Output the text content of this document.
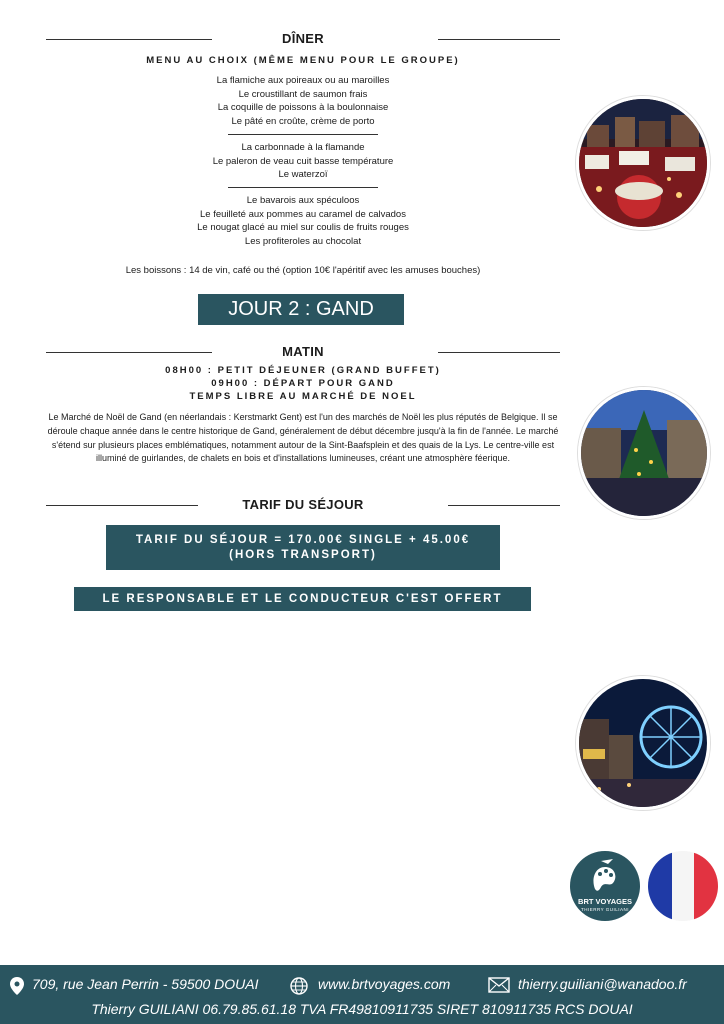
DÎNER
MENU AU CHOIX (MÊME MENU POUR LE GROUPE)
La flamiche aux poireaux ou au maroilles
Le croustillant de saumon frais
La coquille de poissons à la boulonnaise
Le pâté en croûte, crème de porto
La carbonnade à la flamande
Le paleron de veau cuit basse température
Le waterzoï
Le bavarois aux spéculoos
Le feuilleté aux pommes au caramel de calvados
Le nougat glacé au miel sur coulis de fruits rouges
Les profiteroles au chocolat
Les boissons : 14 de vin, café ou thé (option 10€ l'apéritif avec les amuses bouches)
JOUR 2 : GAND
MATIN
08H00 : PETIT DÉJEUNER (GRAND BUFFET)
09H00 : DÉPART POUR GAND
TEMPS LIBRE AU MARCHÉ DE NOEL
Le Marché de Noël de Gand (en néerlandais : Kerstmarkt Gent) est l'un des marchés de Noël les plus réputés de Belgique. Il se déroule chaque année dans le centre historique de Gand, généralement de début décembre jusqu'à la fin de l'année. Le marché s'étend sur plusieurs places emblématiques, notamment autour de la Sint-Baafsplein et des quais de la Lys. Le centre-ville est illuminé de guirlandes, de chalets en bois et d'installations lumineuses, créant une atmosphère féerique.
TARIF DU SÉJOUR
TARIF DU SÉJOUR = 170.00€ SINGLE + 45.00€
(HORS TRANSPORT)
LE RESPONSABLE ET LE CONDUCTEUR C'EST OFFERT
BRT VOYAGES
THIERRY GUILIANI
709, rue Jean Perrin - 59500 DOUAI	www.brtvoyages.com	thierry.guiliani@wanadoo.fr
Thierry GUILIANI 06.79.85.61.18 TVA FR49810911735 SIRET 810911735 RCS DOUAI
